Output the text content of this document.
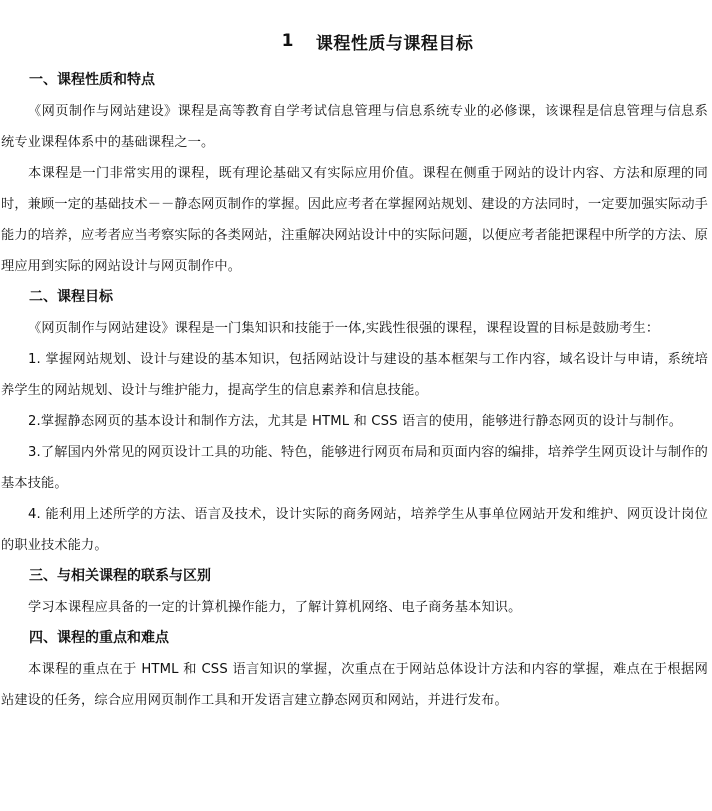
1 课程性质与课程目标
一、课程性质和特点

《网页制作与网站建设》课程是高等教育自学考试信息管理与信息系统专业的必修课，该课程是信息管理与信息系统专业课程体系中的基础课程之一。

本课程是一门非常实用的课程，既有理论基础又有实际应用价值。课程在侧重于网站的设计内容、方法和原理的同时，兼顾一定的基础技术－－静态网页制作的掌握。因此应考者在掌握网站规划、建设的方法同时，一定要加强实际动手能力的培养，应考者应当考察实际的各类网站，注重解决网站设计中的实际问题，以便应考者能把课程中所学的方法、原理应用到实际的网站设计与网页制作中。

二、课程目标

《网页制作与网站建设》课程是一门集知识和技能于一体,实践性很强的课程，课程设置的目标是鼓励考生：

1. 掌握网站规划、设计与建设的基本知识，包括网站设计与建设的基本框架与工作内容，域名设计与申请，系统培养学生的网站规划、设计与维护能力，提高学生的信息素养和信息技能。

2.掌握静态网页的基本设计和制作方法，尤其是 HTML 和 CSS 语言的使用，能够进行静态网页的设计与制作。

3.了解国内外常见的网页设计工具的功能、特色，能够进行网页布局和页面内容的编排，培养学生网页设计与制作的基本技能。

4. 能利用上述所学的方法、语言及技术，设计实际的商务网站，培养学生从事单位网站开发和维护、网页设计岗位的职业技术能力。

三、与相关课程的联系与区别

学习本课程应具备的一定的计算机操作能力，了解计算机网络、电子商务基本知识。

四、课程的重点和难点

本课程的重点在于 HTML 和 CSS 语言知识的掌握，次重点在于网站总体设计方法和内容的掌握，难点在于根据网站建设的任务，综合应用网页制作工具和开发语言建立静态网页和网站，并进行发布。
